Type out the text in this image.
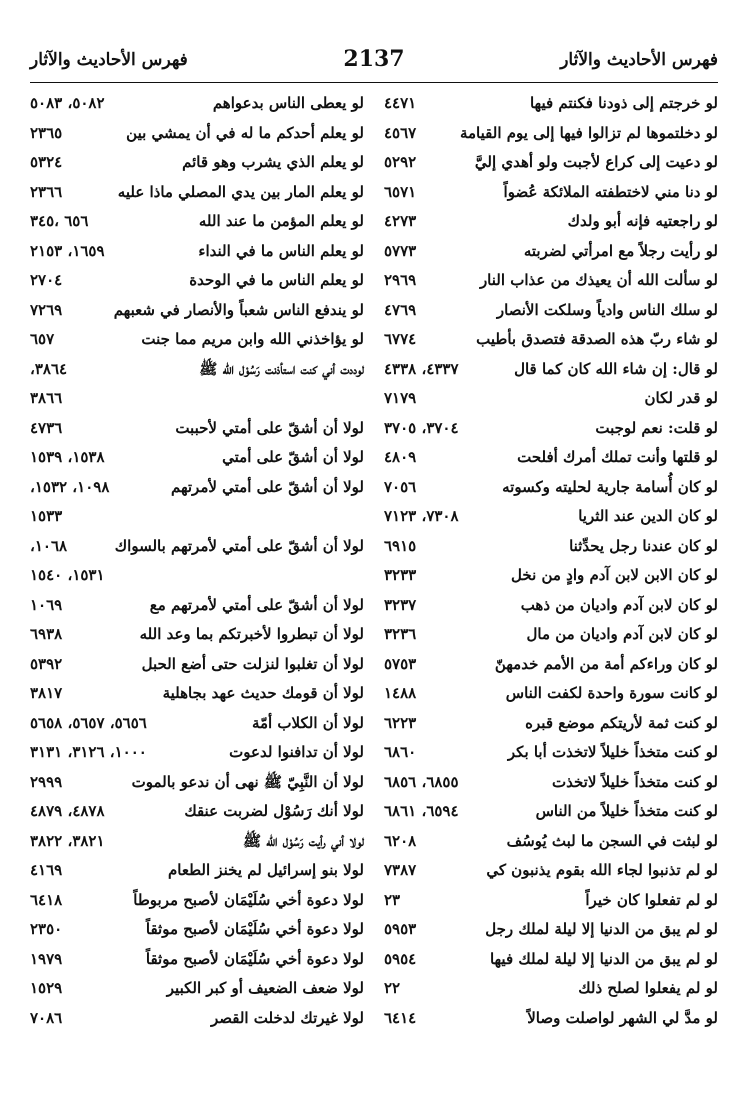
فهرس الأحاديث والآثار
2137
فهرس الأحاديث والآثار
لو خرجتم إلى ذودنا فكنتم فيها
٤٤٧١
لو دخلتموها لم تزالوا فيها إلى يوم القيامة
٤٥٦٧
لو دعيت إلى كراع لأجبت ولو أهدي إليَّ
٥٢٩٢
لو دنا مني لاختطفته الملائكة عُضواً
٦٥٧١
لو راجعتيه فإنه أبو ولدك
٤٢٧٣
لو رأيت رجلاً مع امرأتي لضربته
٥٧٧٣
لو سألت الله أن يعيذك من عذاب النار
٢٩٦٩
لو سلك الناس وادياً وسلكت الأنصار
٤٧٦٩
لو شاء ربّ هذه الصدقة فتصدق بأطيب
٦٧٧٤
لو قال: إن شاء الله كان كما قال
٤٣٣٧، ٤٣٣٨
لو قدر لكان
٧١٧٩
لو قلت: نعم لوجبت
٣٧٠٤، ٣٧٠٥
لو قلتها وأنت تملك أمرك أفلحت
٤٨٠٩
لو كان أُسامة جارية لحليته وكسوته
٧٠٥٦
لو كان الدين عند الثريا
٧٣٠٨، ٧١٢٣
لو كان عندنا رجل يحدِّثنا
٦٩١٥
لو كان الابن لابن آدم وادٍ من نخل
٣٢٣٣
لو كان لابن آدم واديان من ذهب
٣٢٣٧
لو كان لابن آدم واديان من مال
٣٢٣٦
لو كان وراءكم أمة من الأمم خدمهنّ
٥٧٥٣
لو كانت سورة واحدة لكفت الناس
١٤٨٨
لو كنت ثمة لأريتكم موضع قبره
٦٢٢٣
لو كنت متخذاً خليلاً لاتخذت أبا بكر
٦٨٦٠
لو كنت متخذاً خليلاً لاتخذت
٦٨٥٥، ٦٨٥٦
لو كنت متخذاً خليلاً من الناس
٦٥٩٤، ٦٨٦١
لو لبثت في السجن ما لبث يُوسُف
٦٢٠٨
لو لم تذنبوا لجاء الله بقوم يذنبون كي
٧٣٨٧
لو لم تفعلوا كان خيراً
٢٣
لو لم يبق من الدنيا إلا ليلة لملك رجل
٥٩٥٣
لو لم يبق من الدنيا إلا ليلة لملك فيها
٥٩٥٤
لو لم يفعلوا لصلح ذلك
٢٢
لو مدَّ لي الشهر لواصلت وصالاً
٦٤١٤
لو يعطى الناس بدعواهم
٥٠٨٢، ٥٠٨٣
لو يعلم أحدكم ما له في أن يمشي بين
٢٣٦٥
لو يعلم الذي يشرب وهو قائم
٥٣٢٤
لو يعلم المار بين يدي المصلي ماذا عليه
٢٣٦٦
لو يعلم المؤمن ما عند الله
٦٥٦ ،٣٤٥
لو يعلم الناس ما في النداء
١٦٥٩، ٢١٥٣
لو يعلم الناس ما في الوحدة
٢٧٠٤
لو يندفع الناس شعباً والأنصار في شعبهم
٧٢٦٩
لو يؤاخذني الله وابن مريم مما جنت
٦٥٧
لوددت أني كنت استأذنت رَسُوْل الله ﷺ
٣٨٦٤،
٣٨٦٦
لولا أن أشقّ على أمتي لأحببت
٤٧٣٦
لولا أن أشقّ على أمتي
١٥٣٨، ١٥٣٩
لولا أن أشقّ على أمتي لأمرتهم
١٠٩٨، ١٥٣٢،
١٥٣٣
لولا أن أشقّ على أمتي لأمرتهم بالسواك
١٠٦٨،
١٥٣١، ١٥٤٠
لولا أن أشقّ على أمتي لأمرتهم مع
١٠٦٩
لولا أن تبطروا لأخبرتكم بما وعد الله
٦٩٣٨
لولا أن تغلبوا لنزلت حتى أضع الحبل
٥٣٩٢
لولا أن قومك حديث عهد بجاهلية
٣٨١٧
لولا أن الكلاب أمّة
٥٦٥٦، ٥٦٥٧، ٥٦٥٨
لولا أن تدافنوا لدعوت
١٠٠٠، ٣١٢٦، ٣١٣١
لولا أن النَّبِيّ ﷺ نهى أن ندعو بالموت
٢٩٩٩
لولا أنك رَسُوْل لضربت عنقك
٤٨٧٨، ٤٨٧٩
لولا أني رأيت رَسُوْل الله ﷺ
٣٨٢١، ٣٨٢٢
لولا بنو إسرائيل لم يخنز الطعام
٤١٦٩
لولا دعوة أخي سُلَيْمَان لأصبح مربوطاً
٦٤١٨
لولا دعوة أخي سُلَيْمَان لأصبح موثقاً
٢٣٥٠
لولا دعوة أخي سُلَيْمَان لأصبح موثقاً
١٩٧٩
لولا ضعف الضعيف أو كبر الكبير
١٥٢٩
لولا غيرتك لدخلت القصر
٧٠٨٦
